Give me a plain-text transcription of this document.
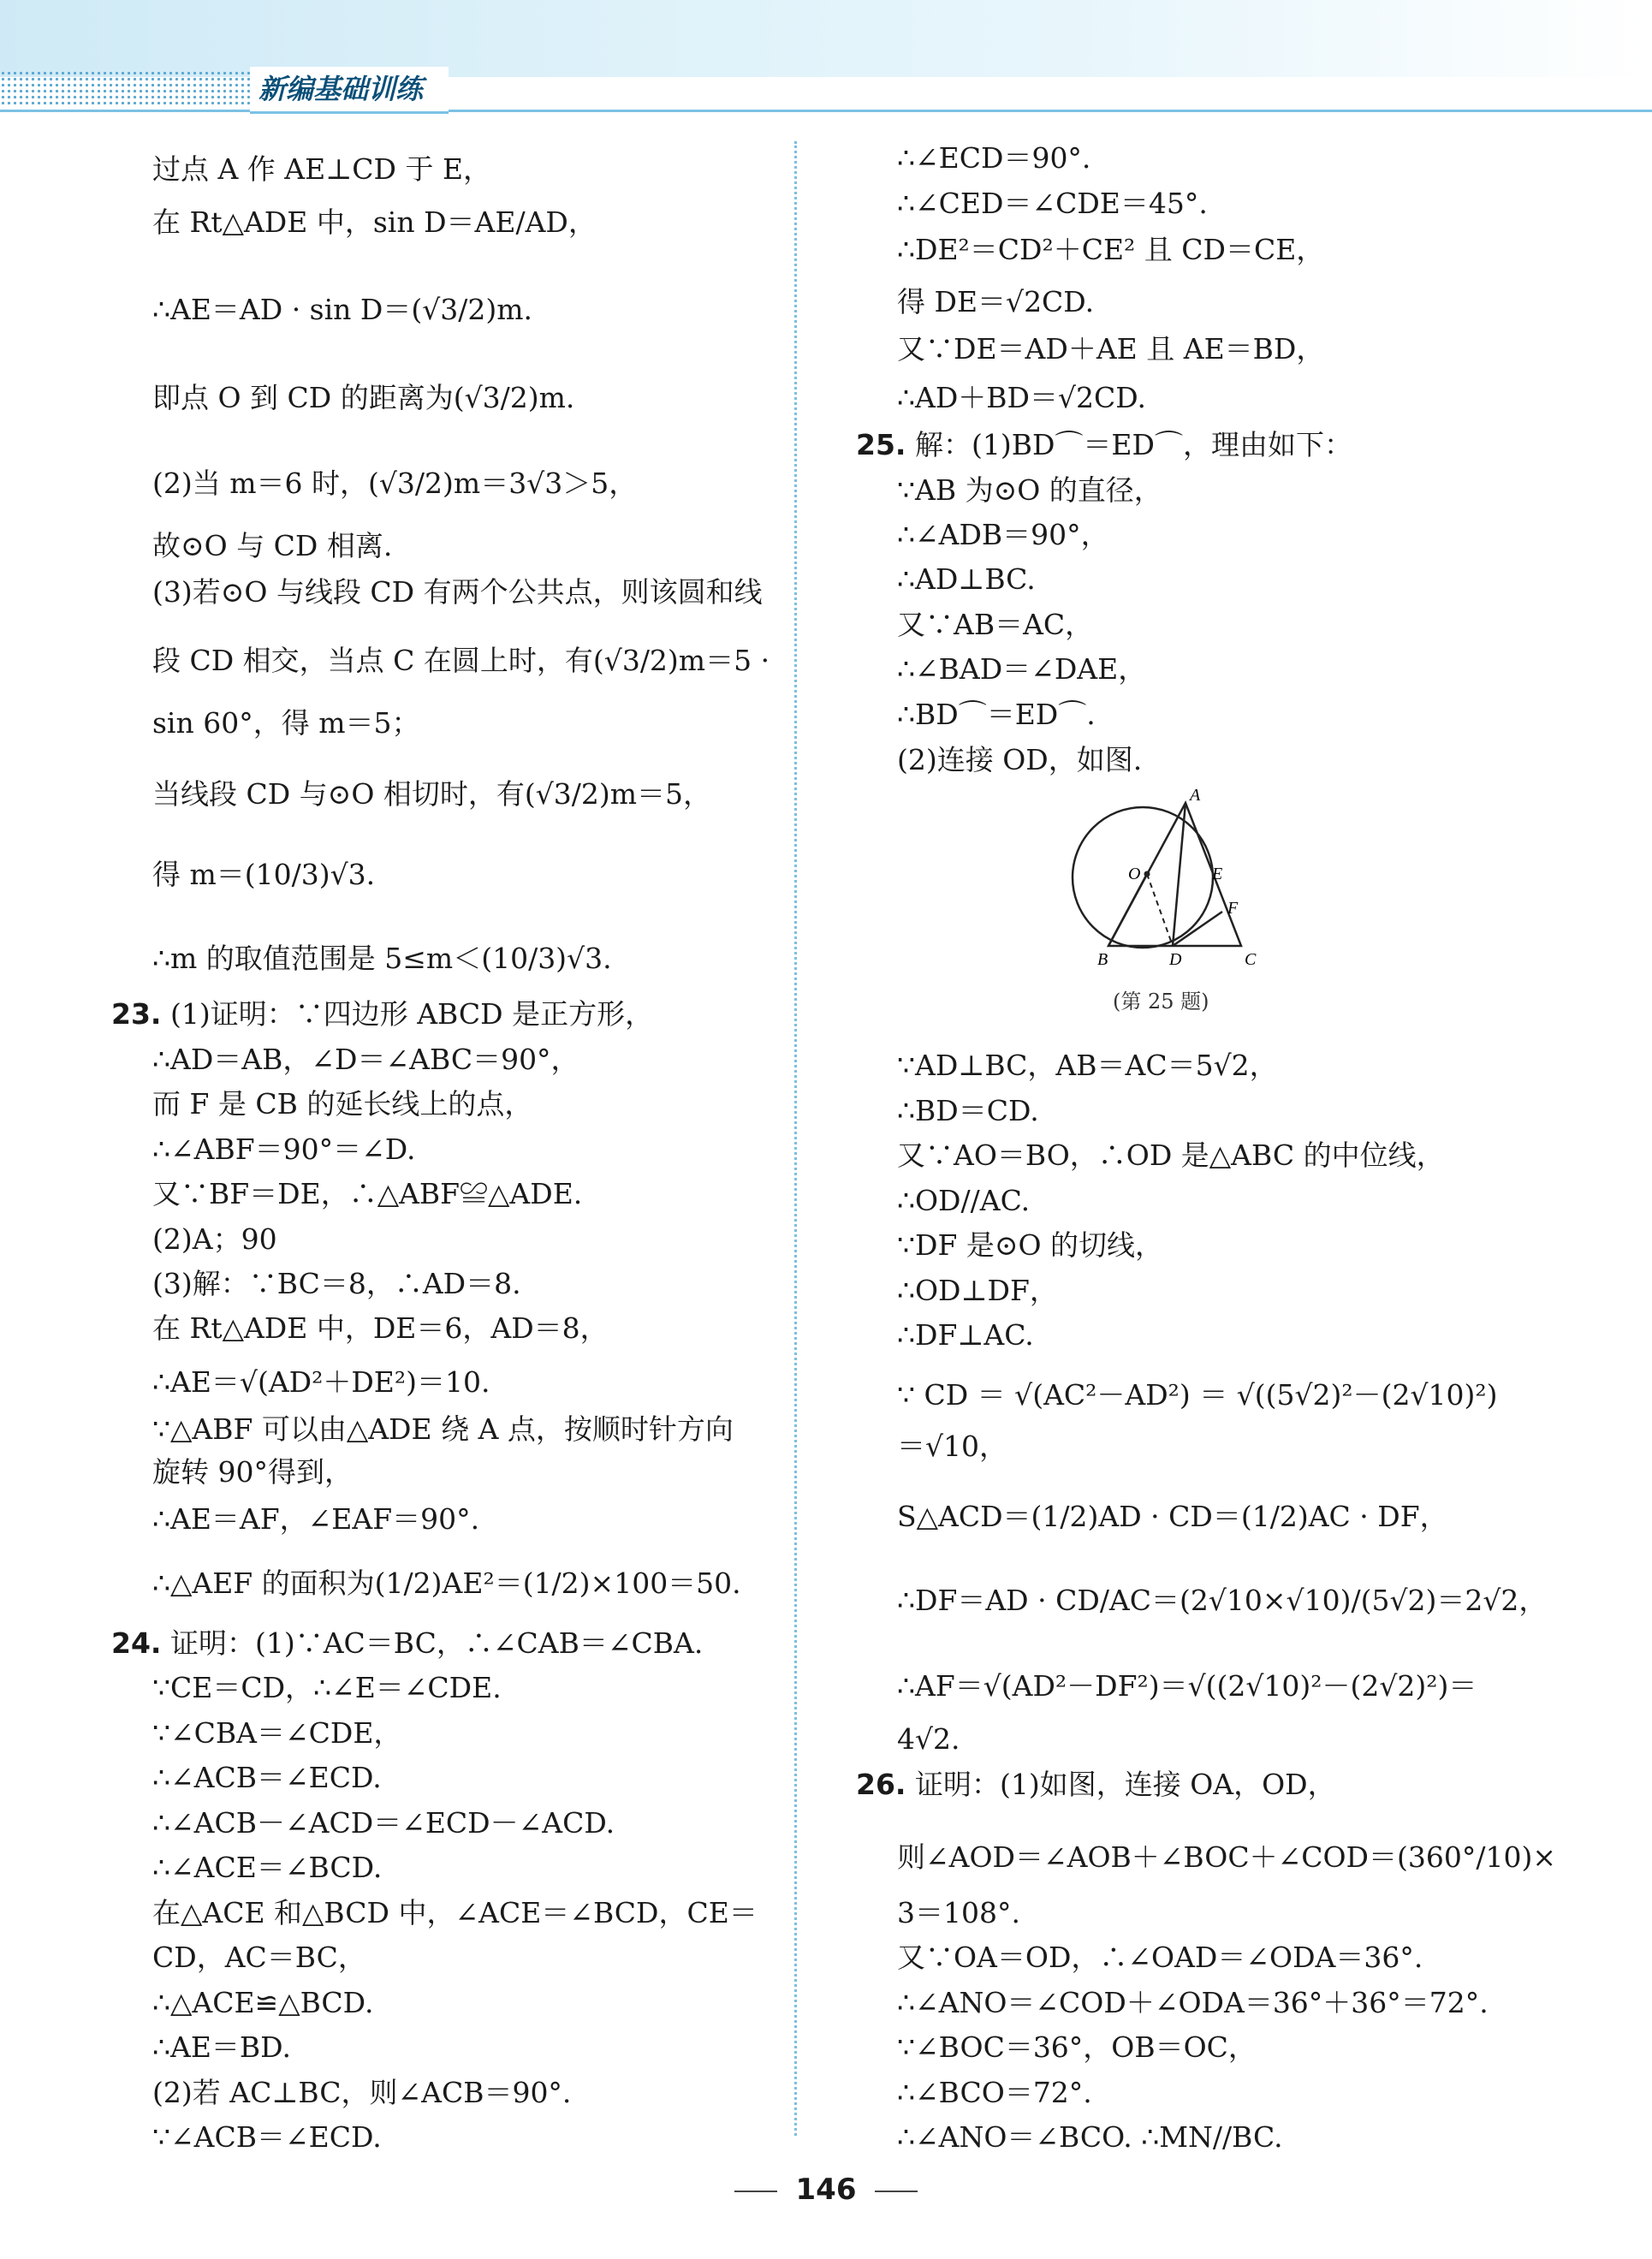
新编基础训练
过点 A 作 AE⊥CD 于 E，
在 Rt△ADE 中，sin D＝AE/AD，
∴AE＝AD · sin D＝(√3/2)m.
即点 O 到 CD 的距离为(√3/2)m.
(2)当 m＝6 时，(√3/2)m＝3√3＞5，
故⊙O 与 CD 相离.
(3)若⊙O 与线段 CD 有两个公共点，则该圆和线
段 CD 相交，当点 C 在圆上时，有(√3/2)m＝5 ·
sin 60°，得 m＝5；
当线段 CD 与⊙O 相切时，有(√3/2)m＝5，
得 m＝(10/3)√3.
∴m 的取值范围是 5≤m＜(10/3)√3.
23. (1)证明：∵四边形 ABCD 是正方形，
∴AD＝AB，∠D＝∠ABC＝90°，
而 F 是 CB 的延长线上的点，
∴∠ABF＝90°＝∠D.
又∵BF＝DE，∴△ABF≌△ADE.
(2)A；90
(3)解：∵BC＝8，∴AD＝8.
在 Rt△ADE 中，DE＝6，AD＝8，
∴AE＝√(AD²＋DE²)＝10.
∵△ABF 可以由△ADE 绕 A 点，按顺时针方向
旋转 90°得到，
∴AE＝AF，∠EAF＝90°.
∴△AEF 的面积为(1/2)AE²＝(1/2)×100＝50.
24. 证明：(1)∵AC＝BC，∴∠CAB＝∠CBA.
∵CE＝CD，∴∠E＝∠CDE.
∵∠CBA＝∠CDE，
∴∠ACB＝∠ECD.
∴∠ACB－∠ACD＝∠ECD－∠ACD.
∴∠ACE＝∠BCD.
在△ACE 和△BCD 中，∠ACE＝∠BCD，CE＝
CD，AC＝BC，
∴△ACE≌△BCD.
∴AE＝BD.
(2)若 AC⊥BC，则∠ACB＝90°.
∵∠ACB＝∠ECD.
∴∠ECD＝90°.
∴∠CED＝∠CDE＝45°.
∴DE²＝CD²＋CE² 且 CD＝CE，
得 DE＝√2CD.
又∵DE＝AD＋AE 且 AE＝BD，
∴AD＋BD＝√2CD.
25. 解：(1)BD⌒＝ED⌒，理由如下：
∵AB 为⊙O 的直径，
∴∠ADB＝90°，
∴AD⊥BC.
又∵AB＝AC，
∴∠BAD＝∠DAE，
∴BD⌒＝ED⌒.
(2)连接 OD，如图.
∵AD⊥BC，AB＝AC＝5√2，
∴BD＝CD.
又∵AO＝BO，∴OD 是△ABC 的中位线，
∴OD//AC.
∵DF 是⊙O 的切线，
∴OD⊥DF，
∴DF⊥AC.
∵ CD ＝ √(AC²－AD²) ＝ √((5√2)²－(2√10)²)
＝√10，
S△ACD＝(1/2)AD · CD＝(1/2)AC · DF，
∴DF＝AD · CD/AC＝(2√10×√10)/(5√2)＝2√2，
∴AF＝√(AD²－DF²)＝√((2√10)²－(2√2)²)＝
4√2.
26. 证明：(1)如图，连接 OA，OD，
则∠AOD＝∠AOB＋∠BOC＋∠COD＝(360°/10)×
3＝108°.
又∵OA＝OD，∴∠OAD＝∠ODA＝36°.
∴∠ANO＝∠COD＋∠ODA＝36°＋36°＝72°.
∵∠BOC＝36°，OB＝OC，
∴∠BCO＝72°.
∴∠ANO＝∠BCO. ∴MN//BC.
A
O	E
F
B	D	C
(第 25 题)
146
